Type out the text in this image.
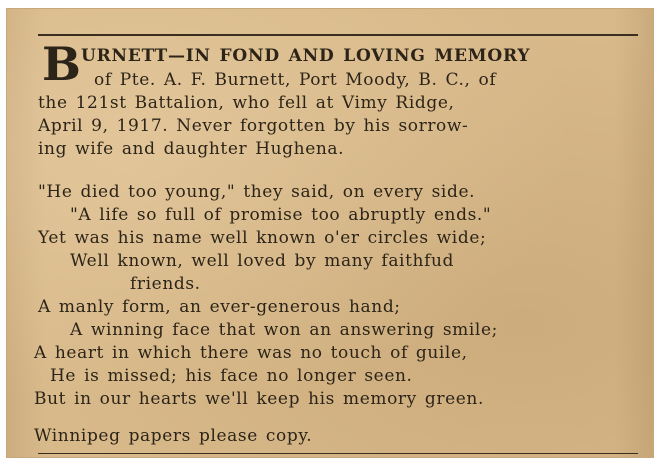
B URNETT—IN FOND AND LOVING MEMORY
of Pte. A. F. Burnett, Port Moody, B. C., of
the 121st Battalion, who fell at Vimy Ridge,
April 9, 1917. Never forgotten by his sorrow-
ing wife and daughter Hughena.
"He died too young," they said, on every side.
"A life so full of promise too abruptly ends."
Yet was his name well known o'er circles wide;
Well known, well loved by many faithfud
friends.
A manly form, an ever-generous hand;
A winning face that won an answering smile;
A heart in which there was no touch of guile,
He is missed; his face no longer seen.
But in our hearts we'll keep his memory green.
Winnipeg papers please copy.
